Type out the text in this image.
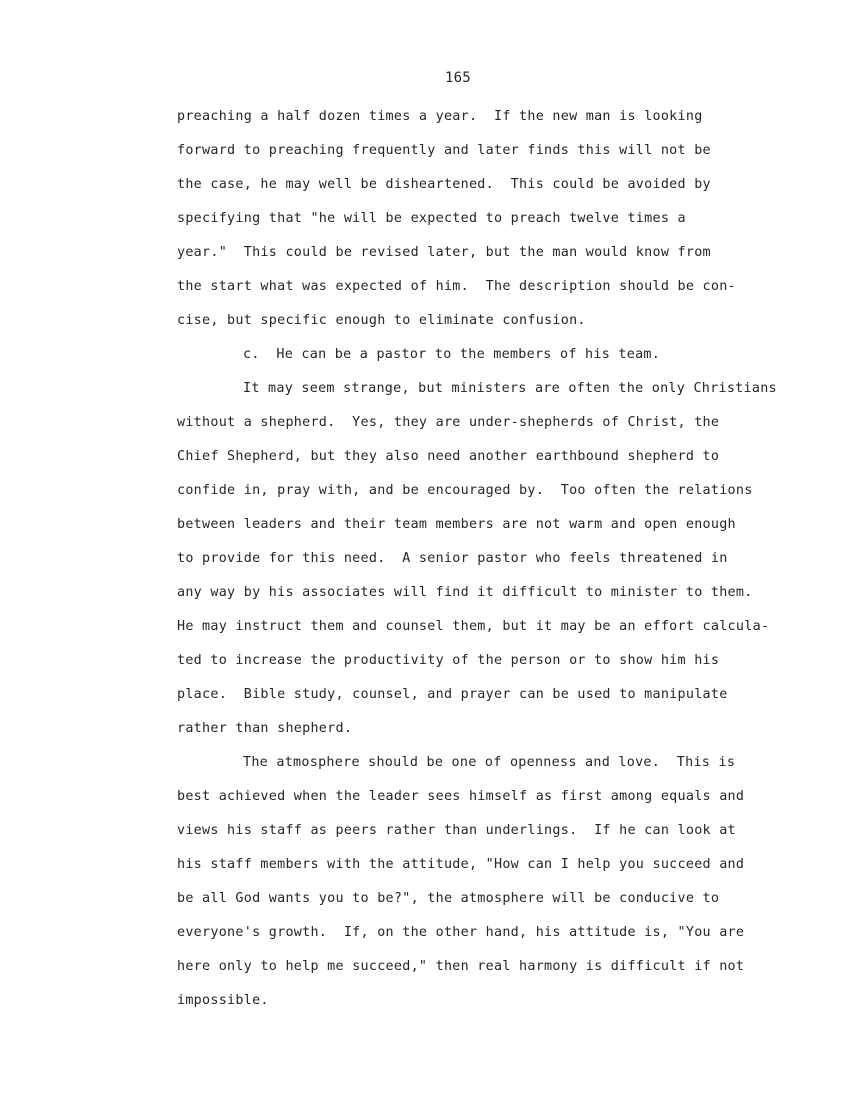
165
preaching a half dozen times a year.  If the new man is looking
forward to preaching frequently and later finds this will not be
the case, he may well be disheartened.  This could be avoided by
specifying that "he will be expected to preach twelve times a
year."  This could be revised later, but the man would know from
the start what was expected of him.  The description should be con-
cise, but specific enough to eliminate confusion.
c.  He can be a pastor to the members of his team.
It may seem strange, but ministers are often the only Christians
without a shepherd.  Yes, they are under-shepherds of Christ, the
Chief Shepherd, but they also need another earthbound shepherd to
confide in, pray with, and be encouraged by.  Too often the relations
between leaders and their team members are not warm and open enough
to provide for this need.  A senior pastor who feels threatened in
any way by his associates will find it difficult to minister to them.
He may instruct them and counsel them, but it may be an effort calcula-
ted to increase the productivity of the person or to show him his
place.  Bible study, counsel, and prayer can be used to manipulate
rather than shepherd.
The atmosphere should be one of openness and love.  This is
best achieved when the leader sees himself as first among equals and
views his staff as peers rather than underlings.  If he can look at
his staff members with the attitude, "How can I help you succeed and
be all God wants you to be?", the atmosphere will be conducive to
everyone's growth.  If, on the other hand, his attitude is, "You are
here only to help me succeed," then real harmony is difficult if not
impossible.
